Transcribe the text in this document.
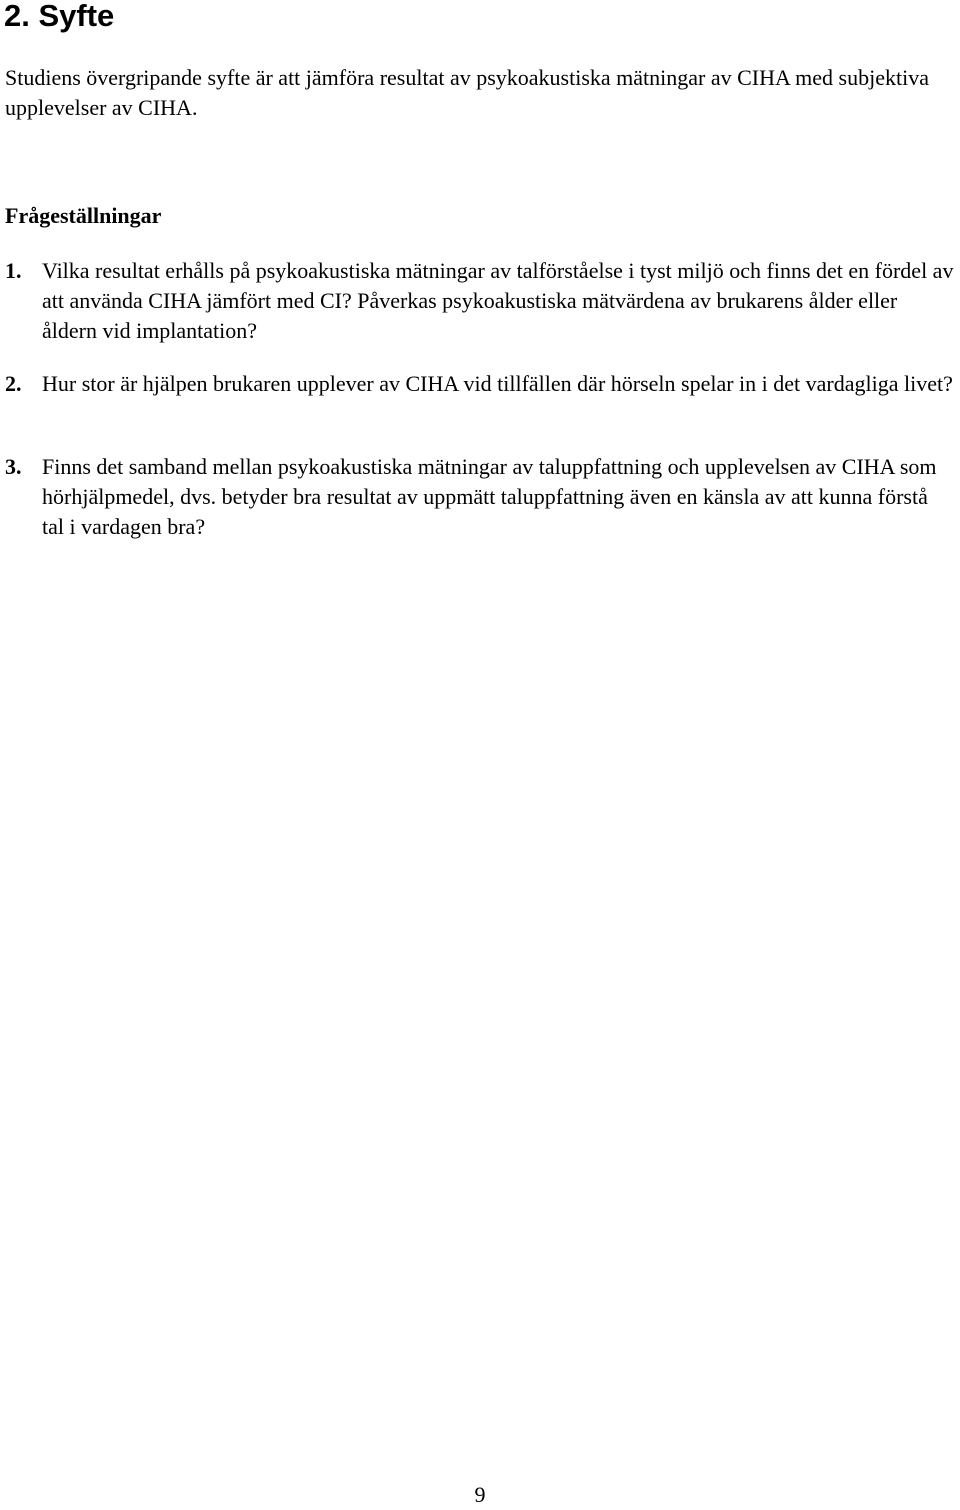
2. Syfte

Studiens övergripande syfte är att jämföra resultat av psykoakustiska mätningar av CIHA med subjektiva upplevelser av CIHA.

Frågeställningar

1. Vilka resultat erhålls på psykoakustiska mätningar av talförståelse i tyst miljö och finns det en fördel av att använda CIHA jämfört med CI? Påverkas psykoakustiska mätvärdena av brukarens ålder eller åldern vid implantation?
2. Hur stor är hjälpen brukaren upplever av CIHA vid tillfällen där hörseln spelar in i det vardagliga livet?
3. Finns det samband mellan psykoakustiska mätningar av taluppfattning och upplevelsen av CIHA som hörhjälpmedel, dvs. betyder bra resultat av uppmätt taluppfattning även en känsla av att kunna förstå tal i vardagen bra?

9
